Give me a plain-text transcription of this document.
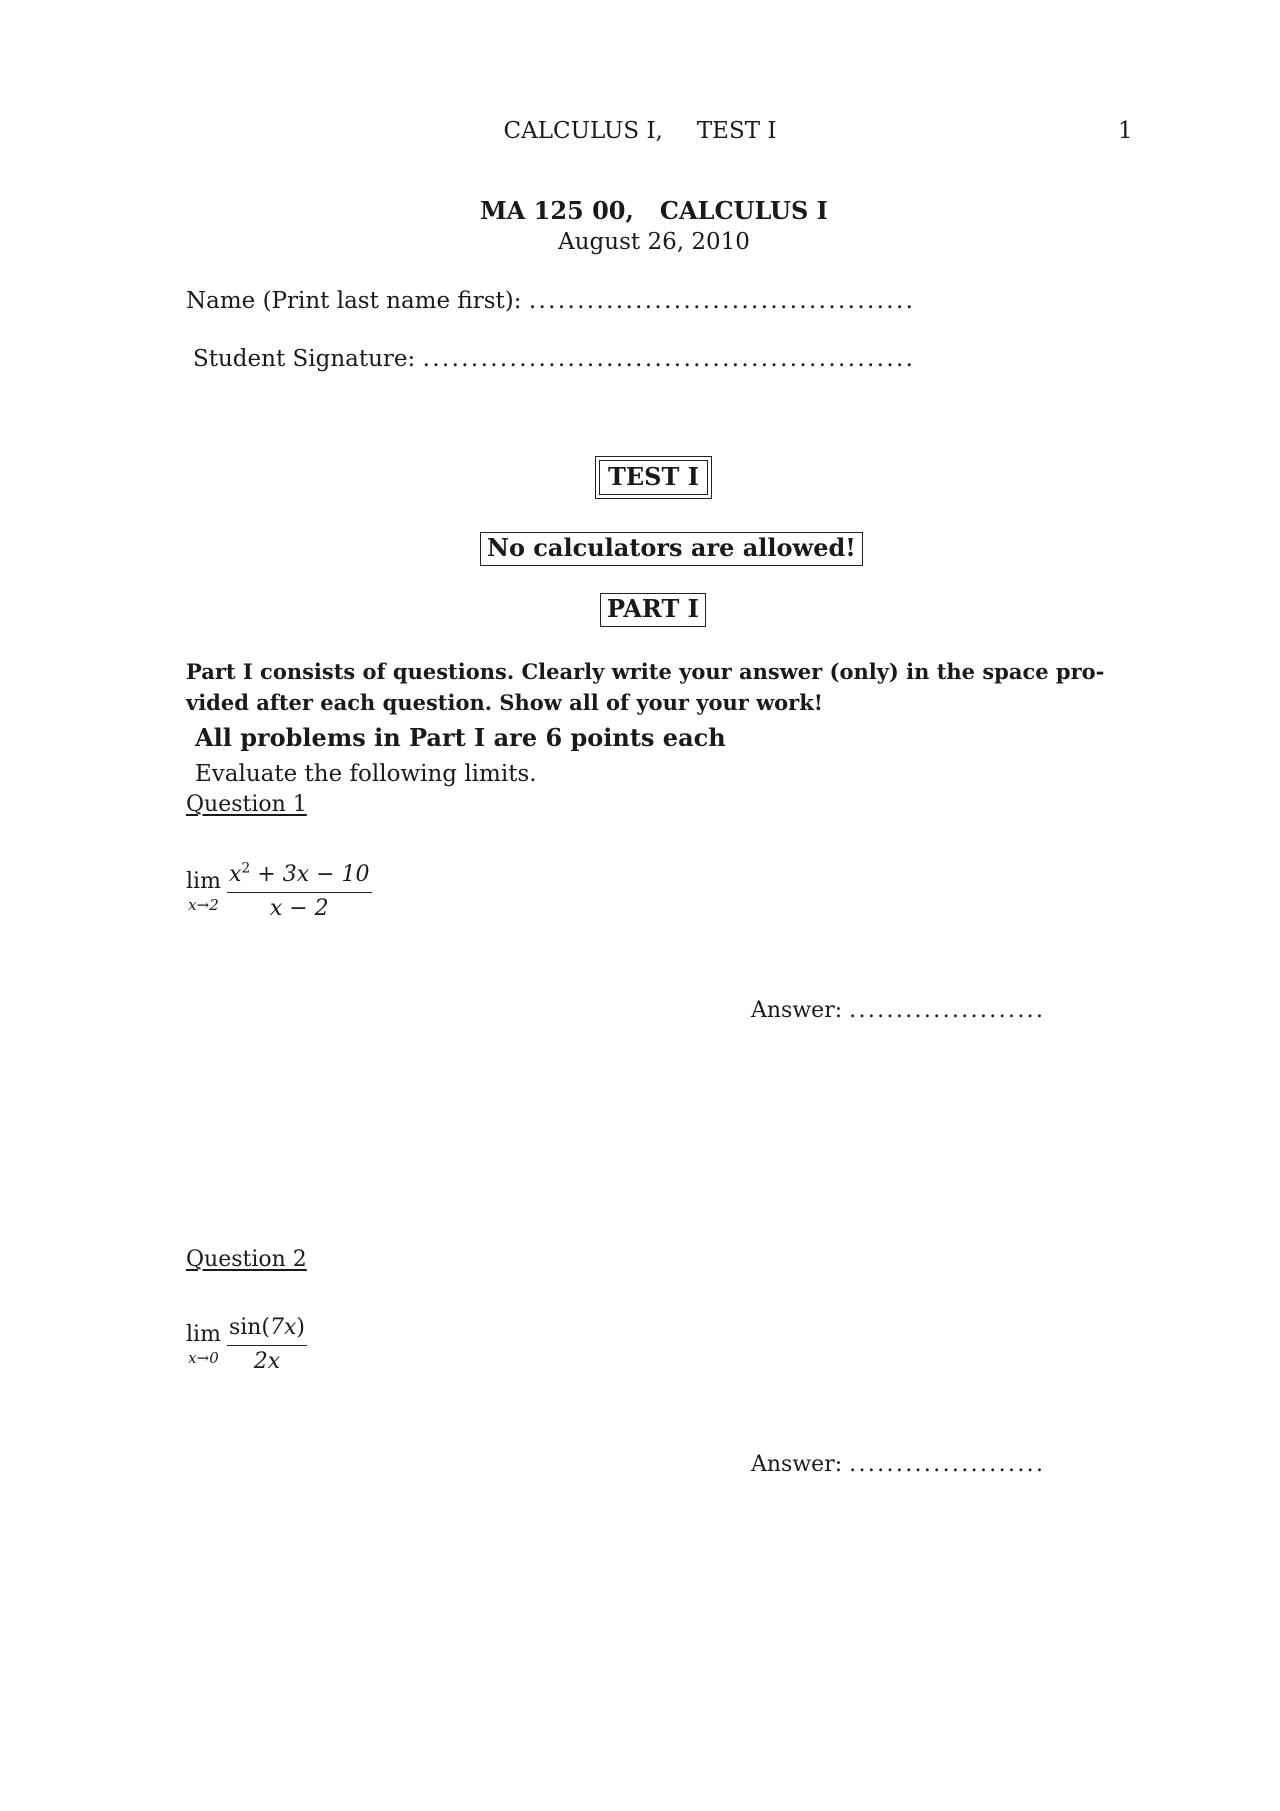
CALCULUS I, TEST I	1
MA 125 00, CALCULUS I
August 26, 2010
Name (Print last name first): ........................................
Student Signature: ...................................................
TEST I
No calculators are allowed!
PART I
Part I consists of questions. Clearly write your answer (only) in the space pro-
vided after each question. Show all of your your work!
All problems in Part I are 6 points each
Evaluate the following limits.
Question 1
lim
$x\to 2 \frac{x^2 + 3x - 10}{x - 2}$
Answer: .....................
Question 2
lim
$x\to 0 \frac{\sin(7x)}{2x}$
Answer: .....................
